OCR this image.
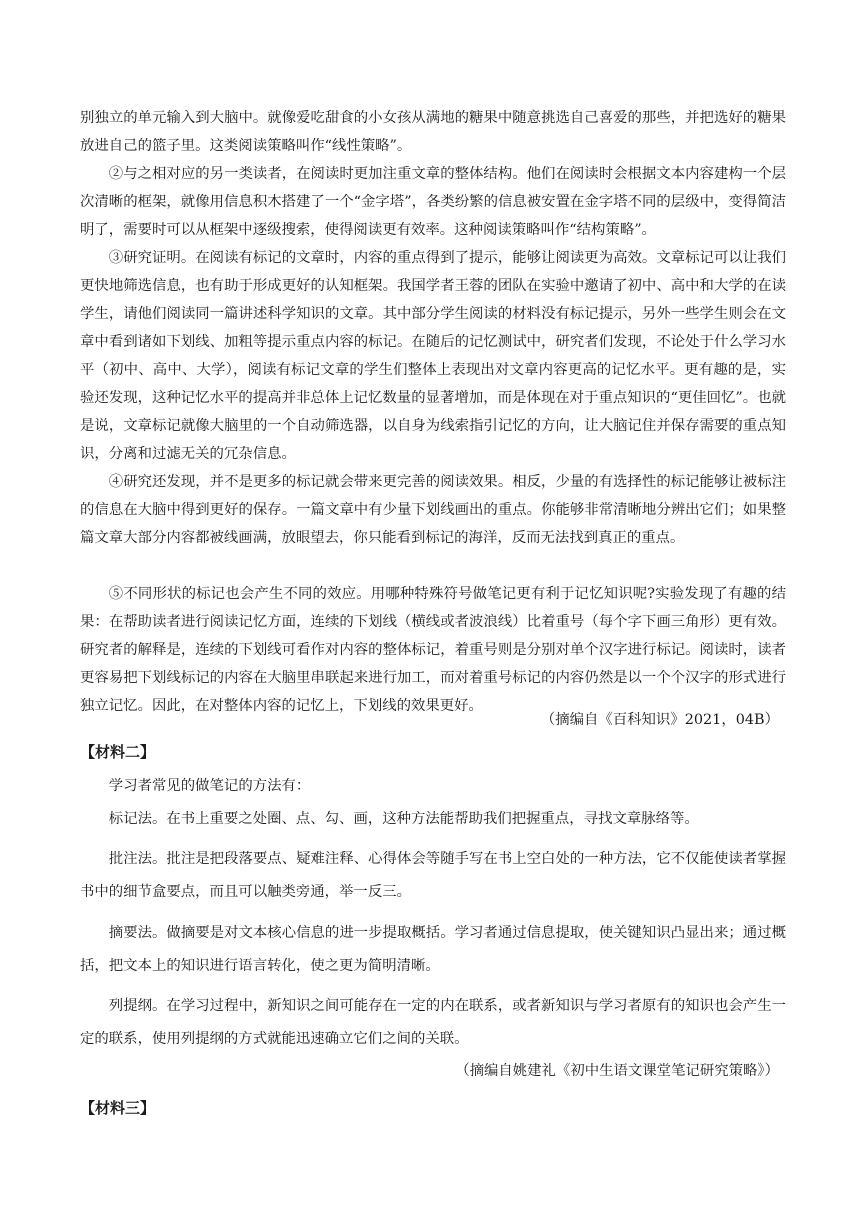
别独立的单元输入到大脑中。就像爱吃甜食的小女孩从满地的糖果中随意挑选自己喜爱的那些，并把选好的糖果放进自己的篮子里。这类阅读策略叫作“线性策略”。

②与之相对应的另一类读者，在阅读时更加注重文章的整体结构。他们在阅读时会根据文本内容建构一个层次清晰的框架，就像用信息积木搭建了一个“金字塔”，各类纷繁的信息被安置在金字塔不同的层级中，变得简洁明了，需要时可以从框架中逐级搜索，使得阅读更有效率。这种阅读策略叫作“结构策略”。

③研究证明。在阅读有标记的文章时，内容的重点得到了提示，能够让阅读更为高效。文章标记可以让我们更快地筛选信息，也有助于形成更好的认知框架。我国学者王蓉的团队在实验中邀请了初中、高中和大学的在读学生，请他们阅读同一篇讲述科学知识的文章。其中部分学生阅读的材料没有标记提示，另外一些学生则会在文章中看到诸如下划线、加粗等提示重点内容的标记。在随后的记忆测试中，研究者们发现，不论处于什么学习水平（初中、高中、大学），阅读有标记文章的学生们整体上表现出对文章内容更高的记忆水平。更有趣的是，实验还发现，这种记忆水平的提高并非总体上记忆数量的显著增加，而是体现在对于重点知识的“更佳回忆”。也就是说，文章标记就像大脑里的一个自动筛选器，以自身为线索指引记忆的方向，让大脑记住并保存需要的重点知识，分离和过滤无关的冗杂信息。

④研究还发现，并不是更多的标记就会带来更完善的阅读效果。相反，少量的有选择性的标记能够让被标注的信息在大脑中得到更好的保存。一篇文章中有少量下划线画出的重点。你能够非常清晰地分辨出它们；如果整篇文章大部分内容都被线画满，放眼望去，你只能看到标记的海洋，反而无法找到真正的重点。

⑤不同形状的标记也会产生不同的效应。用哪种特殊符号做笔记更有利于记忆知识呢?实验发现了有趣的结果：在帮助读者进行阅读记忆方面，连续的下划线（横线或者波浪线）比着重号（每个字下画三角形）更有效。研究者的解释是，连续的下划线可看作对内容的整体标记，着重号则是分别对单个汉字进行标记。阅读时，读者更容易把下划线标记的内容在大脑里串联起来进行加工，而对着重号标记的内容仍然是以一个个汉字的形式进行独立记忆。因此，在对整体内容的记忆上，下划线的效果更好。

（摘编自《百科知识》2021，04B）

【材料二】

学习者常见的做笔记的方法有：

标记法。在书上重要之处圈、点、勾、画，这种方法能帮助我们把握重点，寻找文章脉络等。

批注法。批注是把段落要点、疑难注释、心得体会等随手写在书上空白处的一种方法，它不仅能使读者掌握书中的细节盒要点，而且可以触类旁通，举一反三。

摘要法。做摘要是对文本核心信息的进一步提取概括。学习者通过信息提取，使关键知识凸显出来；通过概括，把文本上的知识进行语言转化，使之更为简明清晰。

列提纲。在学习过程中，新知识之间可能存在一定的内在联系，或者新知识与学习者原有的知识也会产生一定的联系，使用列提纲的方式就能迅速确立它们之间的关联。

（摘编自姚建礼《初中生语文课堂笔记研究策略》）

【材料三】
